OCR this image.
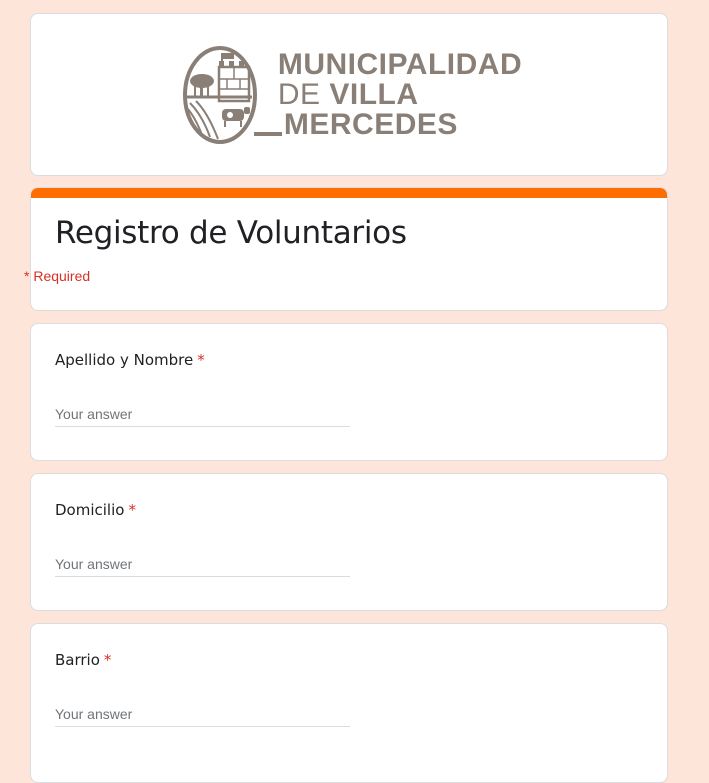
MUNICIPALIDAD
DE VILLA
MERCEDES
Registro de Voluntarios
* Required
Apellido y Nombre *
Your answer
Domicilio *
Your answer
Barrio *
Your answer
